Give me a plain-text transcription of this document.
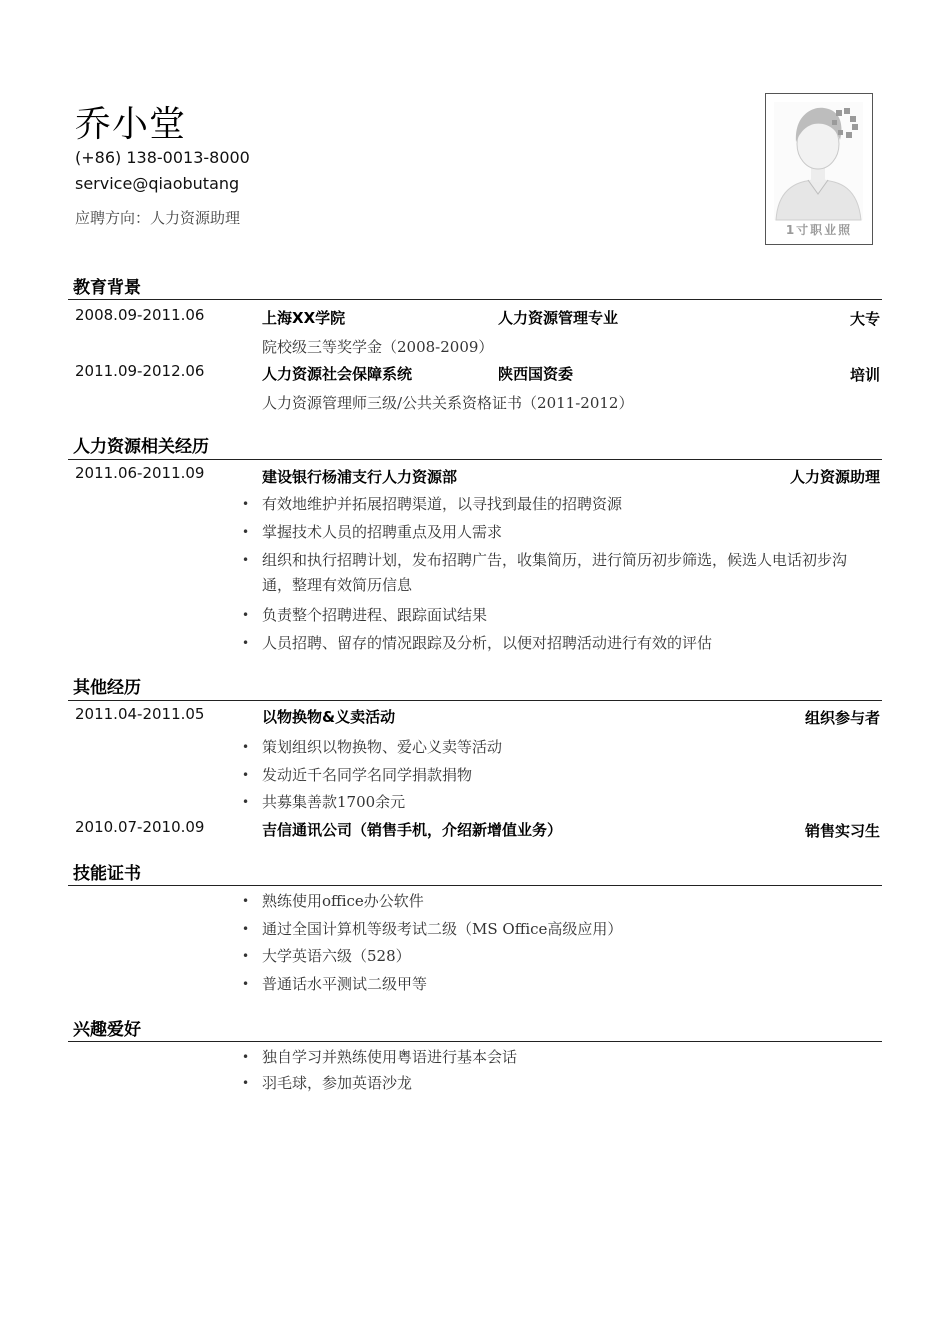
乔小堂
(+86) 138-0013-8000
service@qiaobutang
应聘方向：人力资源助理
1寸职业照
教育背景
2008.09-2011.06	上海XX学院	人力资源管理专业	大专
院校级三等奖学金（2008-2009）
2011.09-2012.06	人力资源社会保障系统	陕西国资委	培训
人力资源管理师三级/公共关系资格证书（2011-2012）
人力资源相关经历
2011.06-2011.09	建设银行杨浦支行人力资源部	人力资源助理
• 有效地维护并拓展招聘渠道，以寻找到最佳的招聘资源
• 掌握技术人员的招聘重点及用人需求
• 组织和执行招聘计划，发布招聘广告，收集简历，进行简历初步筛选，候选人电话初步沟通，整理有效简历信息
• 负责整个招聘进程、跟踪面试结果
• 人员招聘、留存的情况跟踪及分析，以便对招聘活动进行有效的评估
其他经历
2011.04-2011.05	以物换物&义卖活动	组织参与者
• 策划组织以物换物、爱心义卖等活动
• 发动近千名同学名同学捐款捐物
• 共募集善款1700余元
2010.07-2010.09	吉信通讯公司（销售手机，介绍新增值业务）	销售实习生
技能证书
• 熟练使用office办公软件
• 通过全国计算机等级考试二级（MS Office高级应用）
• 大学英语六级（528）
• 普通话水平测试二级甲等
兴趣爱好
• 独自学习并熟练使用粤语进行基本会话
• 羽毛球，参加英语沙龙
